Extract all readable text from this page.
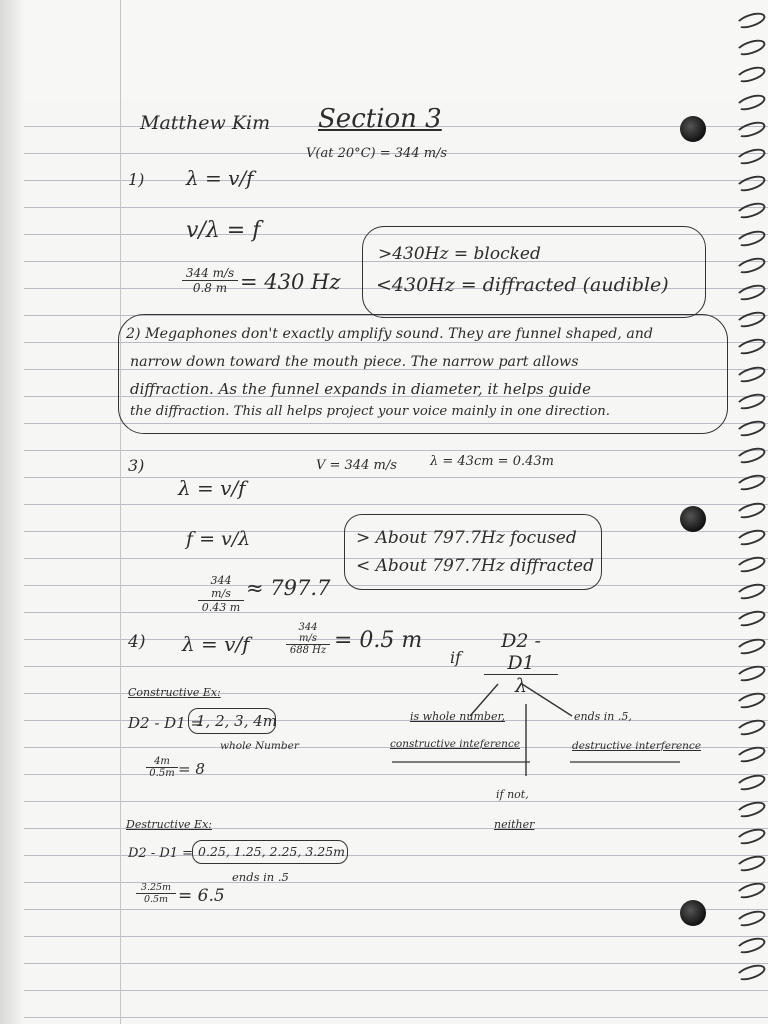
Matthew Kim Section 3
V(at 20°C) = 344 m/s
1) λ = v/f
v/λ = f
$\frac{344 m/s}{0.8 m} = 430$ Hz
>430Hz = blocked
<430Hz = diffracted (audible)
2) Megaphones don't exactly amplify sound. They are funnel shaped, and
narrow down toward the mouth piece. The narrow part allows
diffraction. As the funnel expands in diameter, it helps guide
the diffraction. This all helps project your voice mainly in one direction.
3)
λ = v/f
V = 344 m/s	λ = 43cm = 0.43m
f = v/λ
$\frac{344 m/s}{0.43 m} \approx 797.7$
> About 797.7Hz focused
< About 797.7Hz diffracted
4) λ = v/f	$\frac{344 m/s}{688 Hz} = 0.5$ m
if $\frac{D2 - D1}{\lambda}$
is whole number,
constructive inteference
ends in .5,
destructive interference
if not,
neither
Constructive Ex:
D2 - D1 =
1, 2, 3, 4m
$\frac{4m}{0.5m} = 8$
whole Number
Destructive Ex:
D2 - D1 = 0.25, 1.25, 2.25, 3.25m
$\frac{3.25m}{0.5m} = 6.5$
ends in .5
